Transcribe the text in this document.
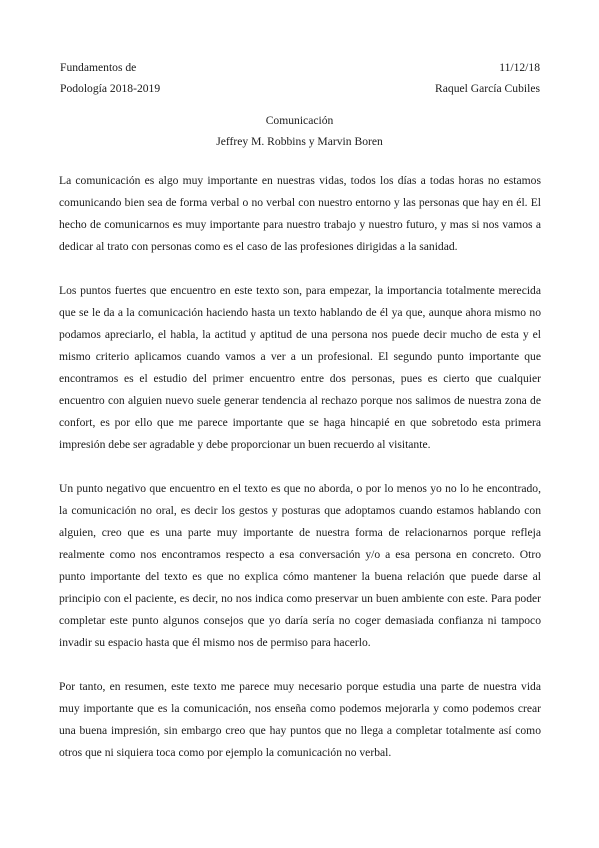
Fundamentos de
Podología 2018-2019
11/12/18
Raquel García Cubiles
Comunicación
Jeffrey M. Robbins y Marvin Boren

La comunicación es algo muy importante en nuestras vidas, todos los días a todas horas no estamos comunicando bien sea de forma verbal o no verbal con nuestro entorno y las personas que hay en él. El hecho de comunicarnos es muy importante para nuestro trabajo y nuestro futuro, y mas si nos vamos a dedicar al trato con personas como es el caso de las profesiones dirigidas a la sanidad.

Los puntos fuertes que encuentro en este texto son, para empezar, la importancia totalmente merecida que se le da a la comunicación haciendo hasta un texto hablando de él ya que, aunque ahora mismo no podamos apreciarlo, el habla, la actitud y aptitud de una persona nos puede decir mucho de esta y el mismo criterio aplicamos cuando vamos a ver a un profesional. El segundo punto importante que encontramos es el estudio del primer encuentro entre dos personas, pues es cierto que cualquier encuentro con alguien nuevo suele generar tendencia al rechazo porque nos salimos de nuestra zona de confort, es por ello que me parece importante que se haga hincapié en que sobretodo esta primera impresión debe ser agradable y debe proporcionar un buen recuerdo al visitante.

Un punto negativo que encuentro en el texto es que no aborda, o por lo menos yo no lo he encontrado, la comunicación no oral, es decir los gestos y posturas que adoptamos cuando estamos hablando con alguien, creo que es una parte muy importante de nuestra forma de relacionarnos porque refleja realmente como nos encontramos respecto a esa conversación y/o a esa persona en concreto. Otro punto importante del texto es que no explica cómo mantener la buena relación que puede darse al principio con el paciente, es decir, no nos indica como preservar un buen ambiente con este. Para poder completar este punto algunos consejos que yo daría sería no coger demasiada confianza ni tampoco invadir su espacio hasta que él mismo nos de permiso para hacerlo.

Por tanto, en resumen, este texto me parece muy necesario porque estudia una parte de nuestra vida muy importante que es la comunicación, nos enseña como podemos mejorarla y como podemos crear una buena impresión, sin embargo creo que hay puntos que no llega a completar totalmente así como otros que ni siquiera toca como por ejemplo la comunicación no verbal.
